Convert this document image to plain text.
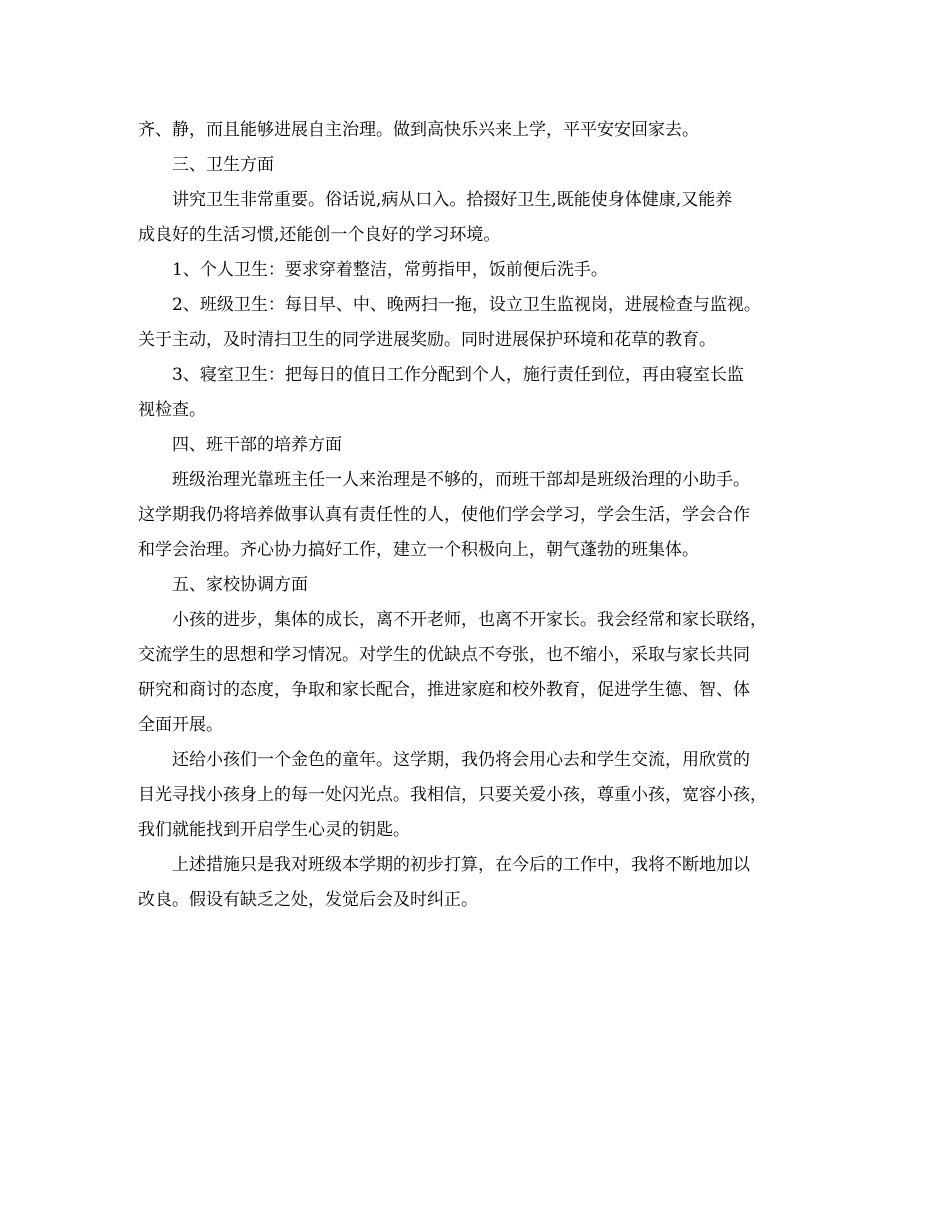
齐、静，而且能够进展自主治理。做到高快乐兴来上学，平平安安回家去。
三、卫生方面
讲究卫生非常重要。俗话说,病从口入。拾掇好卫生,既能使身体健康,又能养
成良好的生活习惯,还能创一个良好的学习环境。
1、个人卫生：要求穿着整洁，常剪指甲，饭前便后洗手。
2、班级卫生：每日早、中、晚两扫一拖，设立卫生监视岗，进展检查与监视。
关于主动，及时清扫卫生的同学进展奖励。同时进展保护环境和花草的教育。
3、寝室卫生：把每日的值日工作分配到个人，施行责任到位，再由寝室长监
视检查。
四、班干部的培养方面
班级治理光靠班主任一人来治理是不够的，而班干部却是班级治理的小助手。
这学期我仍将培养做事认真有责任性的人，使他们学会学习，学会生活，学会合作
和学会治理。齐心协力搞好工作，建立一个积极向上，朝气蓬勃的班集体。
五、家校协调方面
小孩的进步，集体的成长，离不开老师，也离不开家长。我会经常和家长联络，
交流学生的思想和学习情况。对学生的优缺点不夸张，也不缩小，采取与家长共同
研究和商讨的态度，争取和家长配合，推进家庭和校外教育，促进学生德、智、体
全面开展。
还给小孩们一个金色的童年。这学期，我仍将会用心去和学生交流，用欣赏的
目光寻找小孩身上的每一处闪光点。我相信，只要关爱小孩，尊重小孩，宽容小孩，
我们就能找到开启学生心灵的钥匙。
上述措施只是我对班级本学期的初步打算，在今后的工作中，我将不断地加以
改良。假设有缺乏之处，发觉后会及时纠正。
